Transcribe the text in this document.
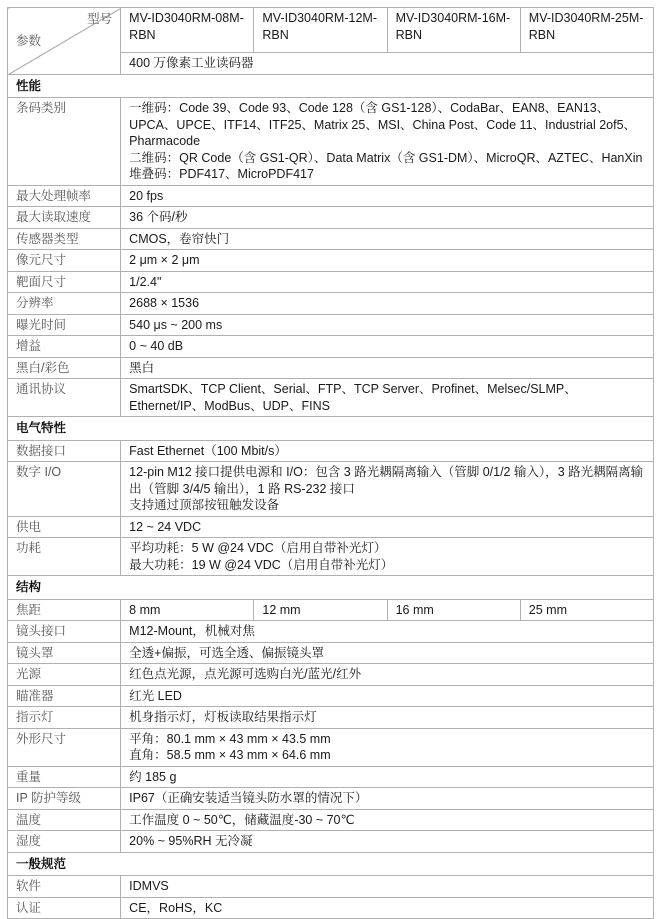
型号
参数	MV-ID3040RM-08M-RBN	MV-ID3040RM-12M-RBN	MV-ID3040RM-16M-RBN	MV-ID3040RM-25M-RBN
	400 万像素工业读码器			
性能				
条码类别	一维码：Code 39、Code 93、Code 128（含 GS1-128）、CodaBar、EAN8、EAN13、UPCA、UPCE、ITF14、ITF25、Matrix 25、MSI、China Post、Code 11、Industrial 2of5、Pharmacode
二维码：QR Code（含 GS1-QR）、Data Matrix（含 GS1-DM）、MicroQR、AZTEC、HanXin
堆叠码：PDF417、MicroPDF417			

最大处理帧率	20 fps			
最大读取速度	36 个码/秒			
传感器类型	CMOS，卷帘快门			
像元尺寸	2 μm × 2 μm			
靶面尺寸	1/2.4"			
分辨率	2688 × 1536			
曝光时间	540 μs ~ 200 ms			
增益	0 ~ 40 dB			
黑白/彩色	黑白			
通讯协议	SmartSDK、TCP Client、Serial、FTP、TCP Server、Profinet、Melsec/SLMP、Ethernet/IP、ModBus、UDP、FINS			
电气特性				
数据接口	Fast Ethernet（100 Mbit/s）			
数字 I/O	12-pin M12 接口提供电源和 I/O：包含 3 路光耦隔离输入（管脚 0/1/2 输入），3 路光耦隔离输出（管脚 3/4/5 输出），1 路 RS-232 接口
支持通过顶部按钮触发设备			

供电	12 ~ 24 VDC			
功耗	平均功耗：5 W @24 VDC（启用自带补光灯）
最大功耗：19 W @24 VDC（启用自带补光灯）			

结构				
焦距	8 mm	12 mm	16 mm	25 mm
镜头接口	M12-Mount，机械对焦			
镜头罩	全透+偏振，可选全透、偏振镜头罩			
光源	红色点光源，点光源可选购白光/蓝光/红外			
瞄准器	红光 LED			
指示灯	机身指示灯，灯板读取结果指示灯			
外形尺寸	平角：80.1 mm × 43 mm × 43.5 mm
直角：58.5 mm × 43 mm × 64.6 mm			

重量	约 185 g			
IP 防护等级	IP67（正确安装适当镜头防水罩的情况下）			
温度	工作温度 0 ~ 50℃，储藏温度-30 ~ 70℃			
湿度	20% ~ 95%RH 无冷凝			
一般规范				
软件	IDMVS			
认证	CE，RoHS，KC			
